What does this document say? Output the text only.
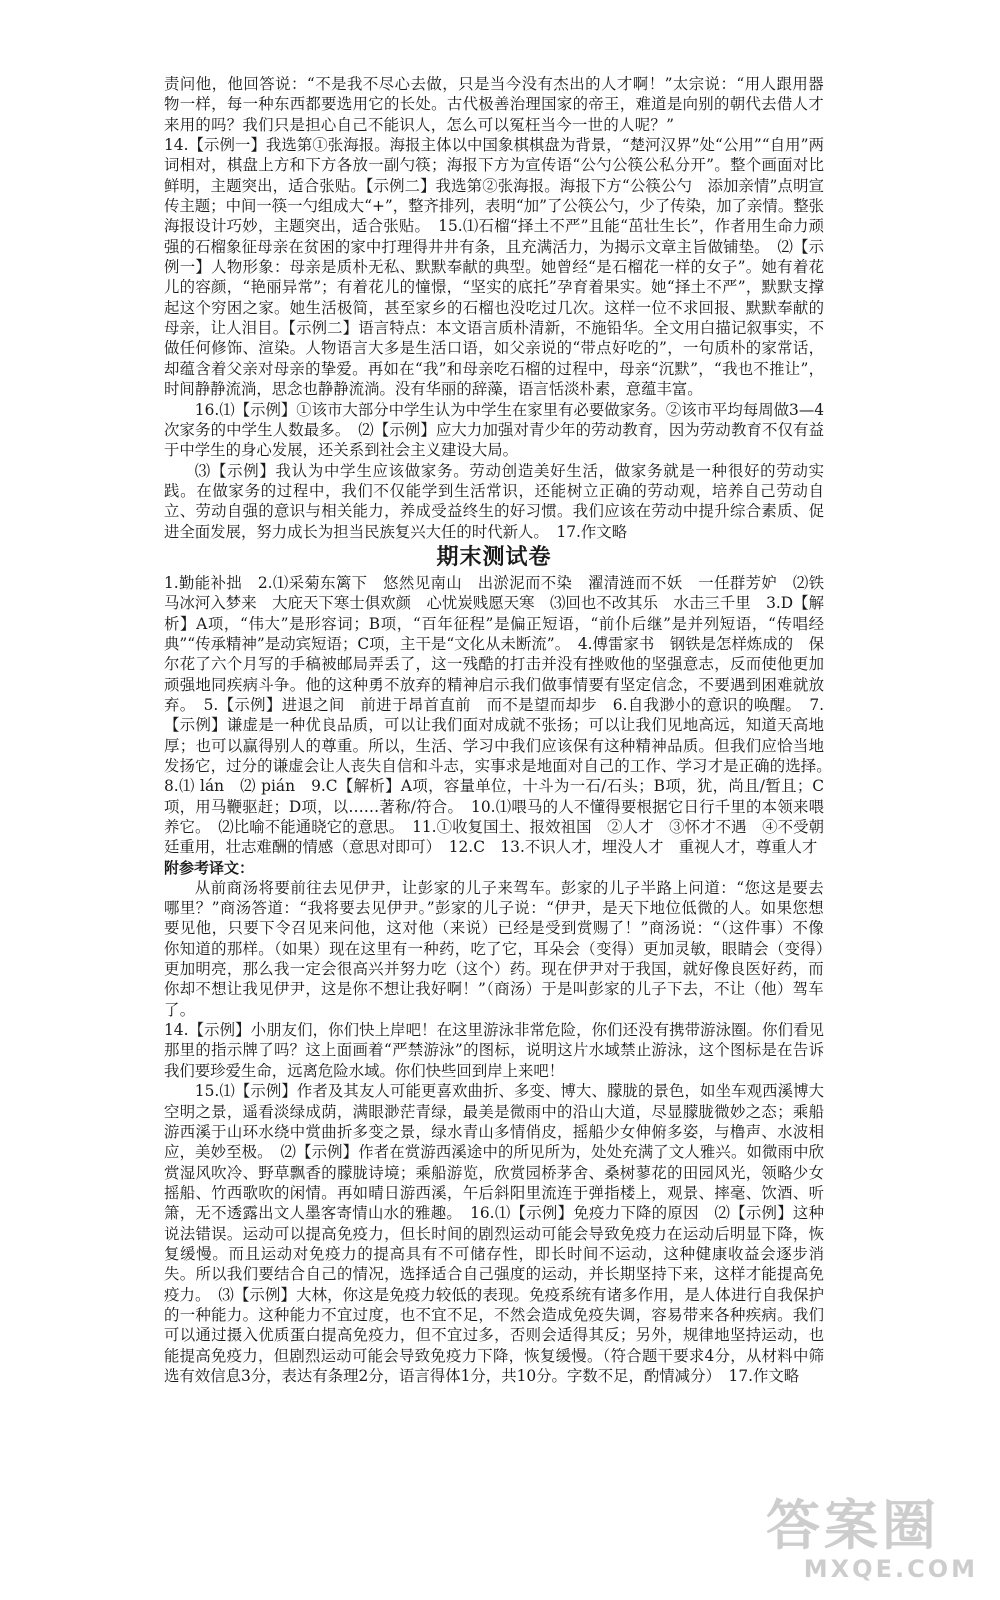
责问他，他回答说：“不是我不尽心去做，只是当今没有杰出的人才啊！”太宗说：“用人跟用器物一样，每一种东西都要选用它的长处。古代极善治理国家的帝王，难道是向别的朝代去借人才来用的吗？我们只是担心自己不能识人，怎么可以冤枉当今一世的人呢？”

14.【示例一】我选第①张海报。海报主体以中国象棋棋盘为背景，“楚河汉界”处“公用”“自用”两词相对，棋盘上方和下方各放一副勺筷；海报下方为宣传语“公勺公筷公私分开”。整个画面对比鲜明，主题突出，适合张贴。【示例二】我选第②张海报。海报下方“公筷公勺　添加亲情”点明宣传主题；中间一筷一勺组成大“+”，整齐排列，表明“加”了公筷公勺，少了传染，加了亲情。整张海报设计巧妙，主题突出，适合张贴。　15.⑴石榴“择土不严”且能“茁壮生长”，作者用生命力顽强的石榴象征母亲在贫困的家中打理得井井有条，且充满活力，为揭示文章主旨做铺垫。　⑵【示例一】人物形象：母亲是质朴无私、默默奉献的典型。她曾经“是石榴花一样的女子”。她有着花儿的容颜，“艳丽异常”；有着花儿的憧憬，“坚实的底托”孕育着果实。她“择土不严”，默默支撑起这个穷困之家。她生活极简，甚至家乡的石榴也没吃过几次。这样一位不求回报、默默奉献的母亲，让人泪目。【示例二】语言特点：本文语言质朴清新，不施铅华。全文用白描记叙事实，不做任何修饰、渲染。人物语言大多是生活口语，如父亲说的“带点好吃的”，一句质朴的家常话，却蕴含着父亲对母亲的挚爱。再如在“我”和母亲吃石榴的过程中，母亲“沉默”，“我也不推让”，时间静静流淌，思念也静静流淌。没有华丽的辞藻，语言恬淡朴素，意蕴丰富。

16.⑴【示例】①该市大部分中学生认为中学生在家里有必要做家务。②该市平均每周做3—4次家务的中学生人数最多。　⑵【示例】应大力加强对青少年的劳动教育，因为劳动教育不仅有益于中学生的身心发展，还关系到社会主义建设大局。

⑶【示例】我认为中学生应该做家务。劳动创造美好生活，做家务就是一种很好的劳动实践。在做家务的过程中，我们不仅能学到生活常识，还能树立正确的劳动观，培养自己劳动自立、劳动自强的意识与相关能力，养成受益终生的好习惯。我们应该在劳动中提升综合素质、促进全面发展，努力成长为担当民族复兴大任的时代新人。　17.作文略

期末测试卷

1.勤能补拙　2.⑴采菊东篱下　悠然见南山　出淤泥而不染　濯清涟而不妖　一任群芳妒　⑵铁马冰河入梦来　大庇天下寒士俱欢颜　心忧炭贱愿天寒　⑶回也不改其乐　水击三千里　3.D【解析】A项，“伟大”是形容词；B项，“百年征程”是偏正短语，“前仆后继”是并列短语，“传唱经典”“传承精神”是动宾短语；C项，主干是“文化从未断流”。　4.傅雷家书　钢铁是怎样炼成的　保尔花了六个月写的手稿被邮局弄丢了，这一残酷的打击并没有挫败他的坚强意志，反而使他更加顽强地同疾病斗争。他的这种勇不放弃的精神启示我们做事情要有坚定信念，不要遇到困难就放弃。　5.【示例】进退之间　前进于昂首直前　而不是望而却步　6.自我渺小的意识的唤醒。　7.【示例】谦虚是一种优良品质，可以让我们面对成就不张扬；可以让我们见地高远，知道天高地厚；也可以赢得别人的尊重。所以，生活、学习中我们应该保有这种精神品质。但我们应恰当地发扬它，过分的谦虚会让人丧失自信和斗志，实事求是地面对自己的工作、学习才是正确的选择。　8.⑴ lán　⑵ pián　9.C【解析】A项，容量单位，十斗为一石/石头；B项，犹，尚且/暂且；C项，用马鞭驱赶；D项，以……著称/符合。　10.⑴喂马的人不懂得要根据它日行千里的本领来喂养它。　⑵比喻不能通晓它的意思。　11.①收复国土、报效祖国　②人才　③怀才不遇　④不受朝廷重用，壮志难酬的情感（意思对即可）　12.C　13.不识人才，埋没人才　重视人才，尊重人才

附参考译文：

从前商汤将要前往去见伊尹，让彭家的儿子来驾车。彭家的儿子半路上问道：“您这是要去哪里？”商汤答道：“我将要去见伊尹。”彭家的儿子说：“伊尹，是天下地位低微的人。如果您想要见他，只要下令召见来问他，这对他（来说）已经是受到赏赐了！”商汤说：“（这件事）不像你知道的那样。（如果）现在这里有一种药，吃了它，耳朵会（变得）更加灵敏，眼睛会（变得）更加明亮，那么我一定会很高兴并努力吃（这个）药。现在伊尹对于我国，就好像良医好药，而你却不想让我见伊尹，这是你不想让我好啊！”（商汤）于是叫彭家的儿子下去，不让（他）驾车了。

14.【示例】小朋友们，你们快上岸吧！在这里游泳非常危险，你们还没有携带游泳圈。你们看见那里的指示牌了吗？这上面画着“严禁游泳”的图标，说明这片水域禁止游泳，这个图标是在告诉我们要珍爱生命，远离危险水域。你们快些回到岸上来吧！

15.⑴【示例】作者及其友人可能更喜欢曲折、多变、博大、朦胧的景色，如坐车观西溪博大空明之景，遥看淡绿成荫，满眼渺茫青绿，最美是微雨中的沿山大道，尽显朦胧微妙之态；乘船游西溪于山环水绕中赏曲折多变之景，绿水青山多情俏皮，摇船少女伸俯多姿，与橹声、水波相应，美妙至极。　⑵【示例】作者在赏游西溪途中的所见所为，处处充满了文人雅兴。如微雨中欣赏湿风吹冷、野草飘香的朦胧诗境；乘船游览，欣赏园桥茅舍、桑树蓼花的田园风光，领略少女摇船、竹西歌吹的闲情。再如晴日游西溪，午后斜阳里流连于弹指楼上，观景、摔毫、饮酒、听箫，无不透露出文人墨客寄情山水的雅趣。　16.⑴【示例】免疫力下降的原因　⑵【示例】这种说法错误。运动可以提高免疫力，但长时间的剧烈运动可能会导致免疫力在运动后明显下降，恢复缓慢。而且运动对免疫力的提高具有不可储存性，即长时间不运动，这种健康收益会逐步消失。所以我们要结合自己的情况，选择适合自己强度的运动，并长期坚持下来，这样才能提高免疫力。　⑶【示例】大林，你这是免疫力较低的表现。免疫系统有诸多作用，是人体进行自我保护的一种能力。这种能力不宜过度，也不宜不足，不然会造成免疫失调，容易带来各种疾病。我们可以通过摄入优质蛋白提高免疫力，但不宜过多，否则会适得其反；另外，规律地坚持运动，也能提高免疫力，但剧烈运动可能会导致免疫力下降，恢复缓慢。（符合题干要求4分，从材料中筛选有效信息3分，表达有条理2分，语言得体1分，共10分。字数不足，酌情减分）　17.作文略

答案圈
MXQE.COM
